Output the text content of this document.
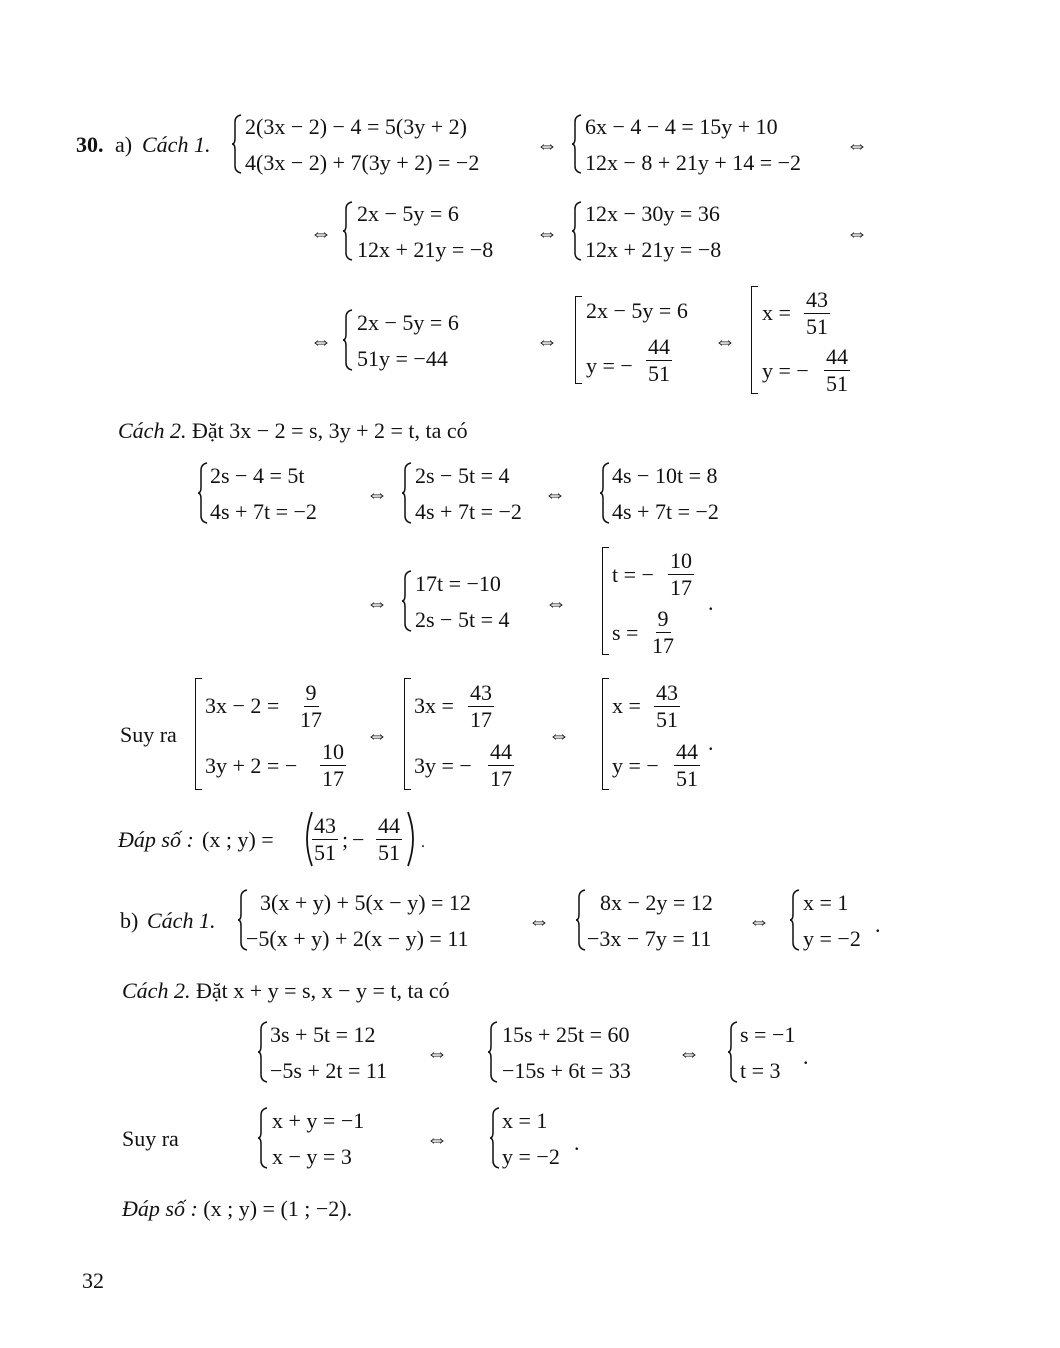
30. a) Cách 1.
2(3x − 2) − 4 = 5(3y + 2)
4(3x − 2) + 7(3y + 2) = −2
⇔
6x − 4 − 4 = 15y + 10
12x − 8 + 21y + 14 = −2
⇔
⇔
2x − 5y = 6
12x + 21y = −8
⇔
12x − 30y = 36
12x + 21y = −8
⇔
⇔
2x − 5y = 6
51y = −44
⇔
2x − 5y = 6
y = − $\frac{44}{51}$ ⇔
$x = \frac{43}{51}$
y = − $\frac{44}{51}$
Cách 2. Đặt 3x − 2 = s, 3y + 2 = t, ta có
2s − 4 = 5t
4s + 7t = −2
⇔
2s − 5t = 4
4s + 7t = −2
⇔
4s − 10t = 8
4s + 7t = −2
⇔
17t = −10
2s − 5t = 4
⇔
t = − $\frac{10}{17}$
$s = \frac{9}{17}$
.
Suy ra
$3x - 2 = \frac{9}{17}$
3y + 2 = − $\frac{10}{17}$
⇔
$3x = \frac{43}{17}$
3y = − $\frac{44}{17}$
⇔
$x = \frac{43}{51}$
y = − $\frac{44}{51}$ .
Đáp số : (x ; $y) = \frac{43}{51}$ ; − $\frac{44}{51}$ .
b) Cách 1.
3(x + y) + 5(x − y) = 12
−5(x + y) + 2(x − y) = 11
⇔
8x − 2y = 12
−3x − 7y = 11
⇔
x = 1
y = −2
.
Cách 2. Đặt x + y = s, x − y = t, ta có
3s + 5t = 12
−5s + 2t = 11
⇔
15s + 25t = 60
−15s + 6t = 33
⇔
s = −1
t = 3
.
Suy ra
x + y = −1
x − y = 3
⇔
x = 1
y = −2
.
Đáp số : (x ; y) = (1 ; −2).
32
